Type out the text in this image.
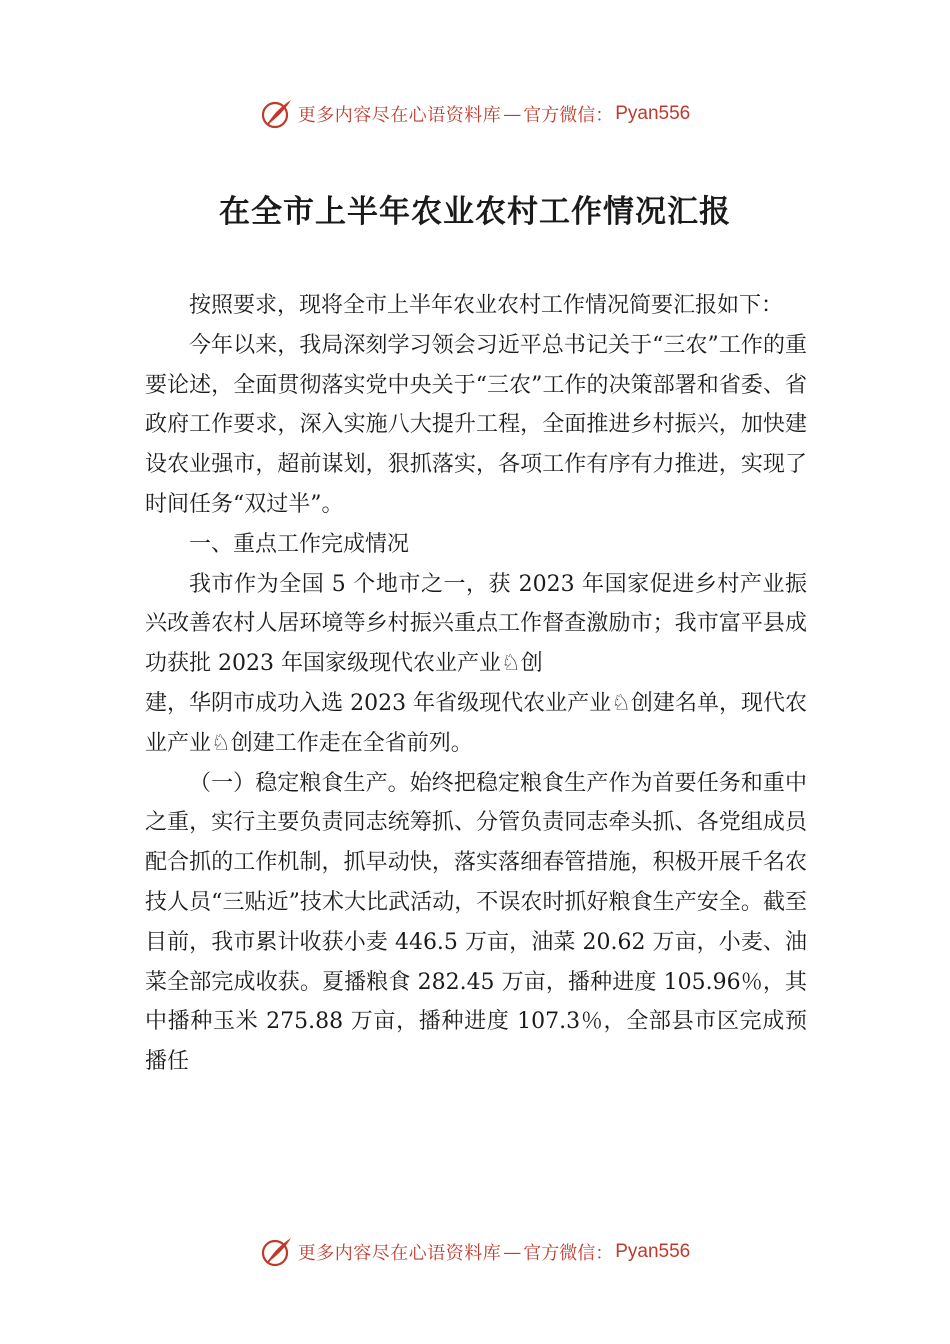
更多内容尽在心语资料库 — 官方微信： Pyan556
在全市上半年农业农村工作情况汇报

按照要求，现将全市上半年农业农村工作情况简要汇报如下：

今年以来，我局深刻学习领会习近平总书记关于“三农”工作的重要论述，全面贯彻落实党中央关于“三农”工作的决策部署和省委、省政府工作要求，深入实施八大提升工程，全面推进乡村振兴，加快建设农业强市，超前谋划，狠抓落实，各项工作有序有力推进，实现了时间任务“双过半”。

一、重点工作完成情况

我市作为全国 5 个地市之一，获 2023 年国家促进乡村产业振兴改善农村人居环境等乡村振兴重点工作督查激励市；我市富平县成功获批 2023 年国家级现代农业产业♘创

建，华阴市成功入选 2023 年省级现代农业产业♘创建名单，现代农业产业♘创建工作走在全省前列。

（一）稳定粮食生产。始终把稳定粮食生产作为首要任务和重中之重，实行主要负责同志统筹抓、分管负责同志牵头抓、各党组成员配合抓的工作机制，抓早动快，落实落细春管措施，积极开展千名农技人员“三贴近”技术大比武活动，不误农时抓好粮食生产安全。截至目前，我市累计收获小麦 446.5 万亩，油菜 20.62 万亩，小麦、油菜全部完成收获。夏播粮食 282.45 万亩，播种进度 105.96％，其中播种玉米 275.88 万亩，播种进度 107.3％，全部县市区完成预播任

更多内容尽在心语资料库 — 官方微信： Pyan556
